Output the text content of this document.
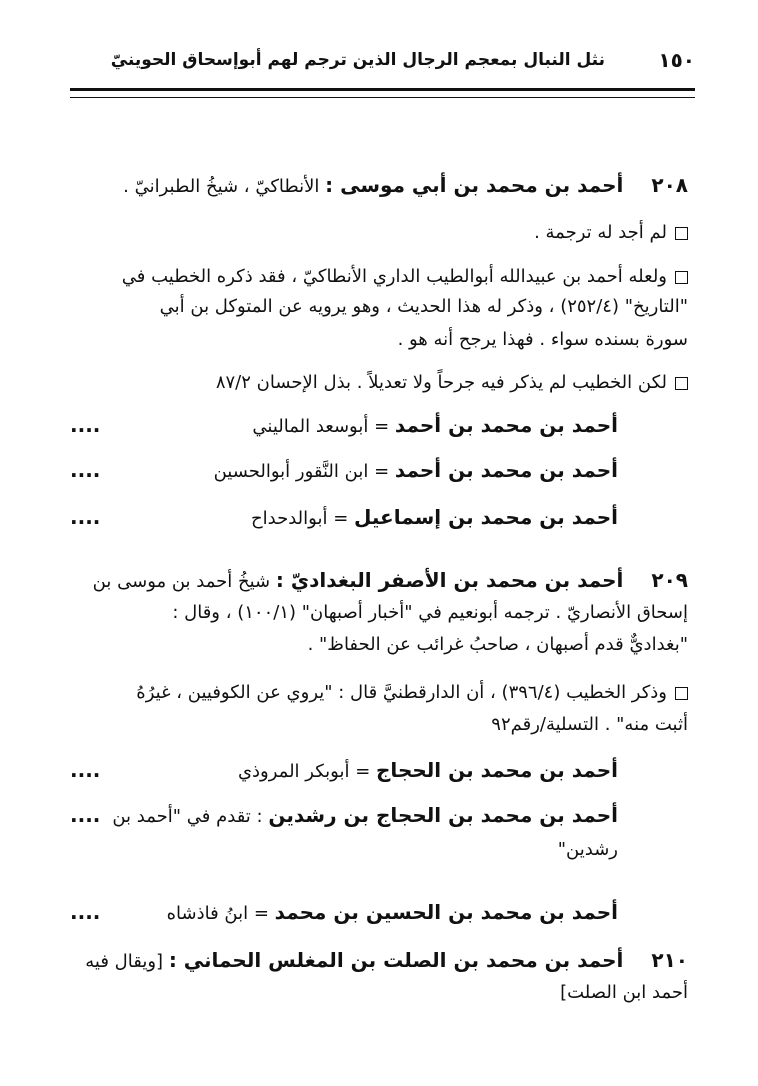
١٥٠
نثل النبال بمعجم الرجال الذين ترجم لهم أبوإسحاق الحوينيّ
٢٠٨أحمد بن محمد بن أبي موسى : الأنطاكيّ ، شيخُ الطبرانيّ .
لم أجد له ترجمة .
ولعله أحمد بن عبيدالله أبوالطيب الداري الأنطاكيّ ، فقد ذكره الخطيب في
"التاريخ" (٢٥٢/٤) ، وذكر له هذا الحديث ، وهو يرويه عن المتوكل بن أبي
سورة بسنده سواء . فهذا يرجح أنه هو .
لكن الخطيب لم يذكر فيه جرحاً ولا تعديلاً . بذل الإحسان ٨٧/٢
أحمد بن محمد بن أحمد = أبوسعد الماليني
....
أحمد بن محمد بن أحمد = ابن النَّقور أبوالحسين
....
أحمد بن محمد بن إسماعيل = أبوالدحداح
....
٢٠٩أحمد بن محمد بن الأصفر البغداديّ : شيخُ أحمد بن موسى بن
إسحاق الأنصاريّ . ترجمه أبونعيم في "أخبار أصبهان" (١٠٠/١) ، وقال :
"بغداديٌّ قدم أصبهان ، صاحبُ غرائب عن الحفاظ" .
وذكر الخطيب (٣٩٦/٤) ، أن الدارقطنيَّ قال : "يروي عن الكوفيين ، غيرُهُ
أثبت منه" . التسلية/رقم٩٢
أحمد بن محمد بن الحجاج = أبوبكر المروذي
....
أحمد بن محمد بن الحجاج بن رشدين : تقدم في "أحمد بن
....
رشدين"
أحمد بن محمد بن الحسين بن محمد = ابنُ فاذشاه
....
٢١٠أحمد بن محمد بن الصلت بن المغلس الحماني : [ويقال فيه
أحمد ابن الصلت]
